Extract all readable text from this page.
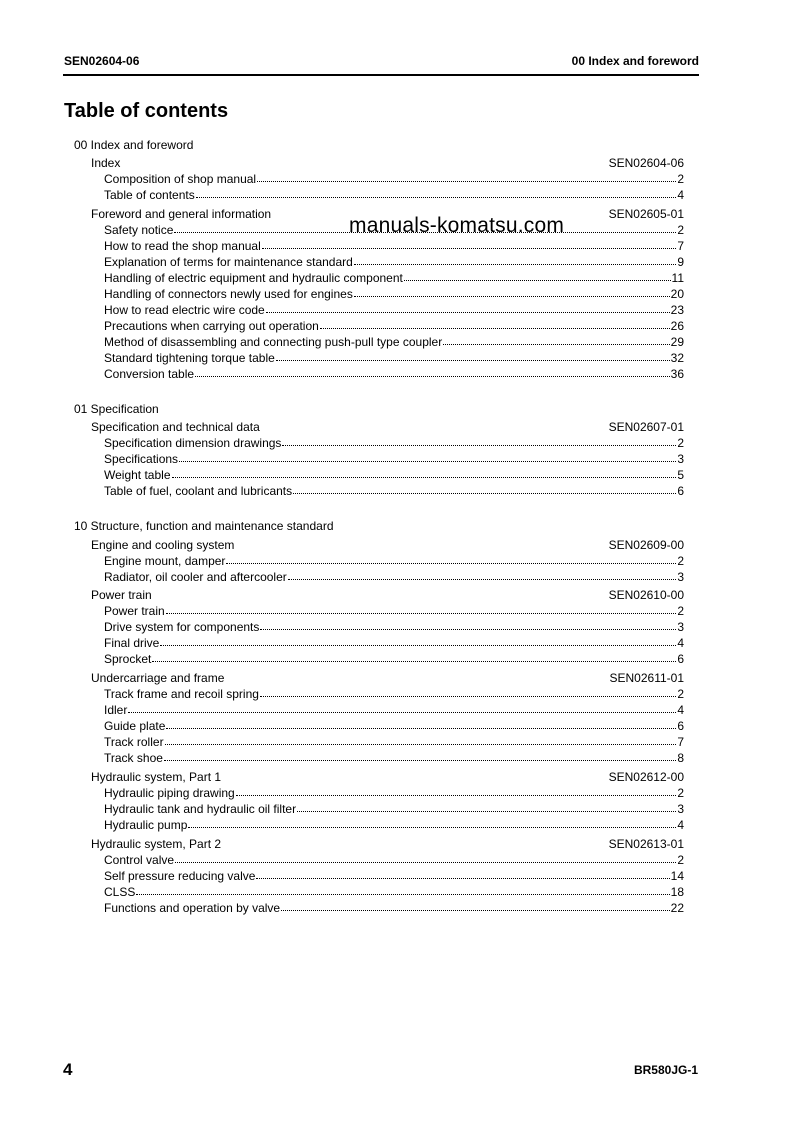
SEN02604-06	00 Index and foreword
Table of contents
00 Index and foreword
Index	SEN02604-06
Composition of shop manual	2
Table of contents	4
Foreword and general information	SEN02605-01
Safety notice	2
How to read the shop manual	7
Explanation of terms for maintenance standard	9
Handling of electric equipment and hydraulic component	11
Handling of connectors newly used for engines	20
How to read electric wire code	23
Precautions when carrying out operation	26
Method of disassembling and connecting push-pull type coupler	29
Standard tightening torque table	32
Conversion table	36
01 Specification
Specification and technical data	SEN02607-01
Specification dimension drawings	2
Specifications	3
Weight table	5
Table of fuel, coolant and lubricants	6
10 Structure, function and maintenance standard
Engine and cooling system	SEN02609-00
Engine mount, damper	2
Radiator, oil cooler and aftercooler	3
Power train	SEN02610-00
Power train	2
Drive system for components	3
Final drive	4
Sprocket	6
Undercarriage and frame	SEN02611-01
Track frame and recoil spring	2
Idler	4
Guide plate	6
Track roller	7
Track shoe	8
Hydraulic system, Part 1	SEN02612-00
Hydraulic piping drawing	2
Hydraulic tank and hydraulic oil filter	3
Hydraulic pump	4
Hydraulic system, Part 2	SEN02613-01
Control valve	2
Self pressure reducing valve	14
CLSS	18
Functions and operation by valve	22
manuals-komatsu.com
4	BR580JG-1
